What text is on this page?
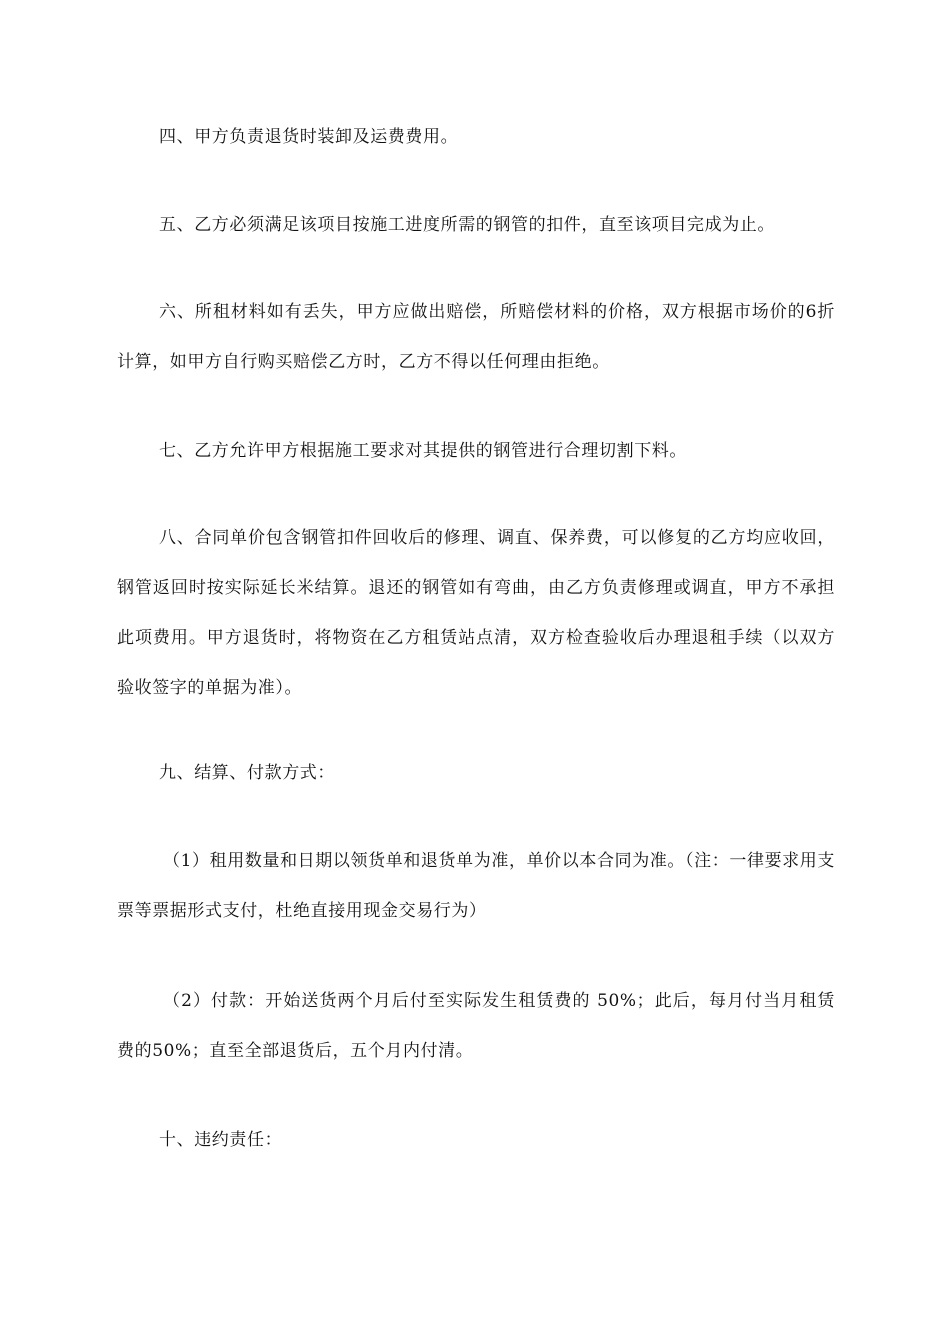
四、甲方负责退货时装卸及运费费用。

五、乙方必须满足该项目按施工进度所需的钢管的扣件，直至该项目完成为止。

六、所租材料如有丢失，甲方应做出赔偿，所赔偿材料的价格，双方根据市场价的6折计算，如甲方自行购买赔偿乙方时，乙方不得以任何理由拒绝。

七、乙方允许甲方根据施工要求对其提供的钢管进行合理切割下料。

八、合同单价包含钢管扣件回收后的修理、调直、保养费，可以修复的乙方均应收回，钢管返回时按实际延长米结算。退还的钢管如有弯曲，由乙方负责修理或调直，甲方不承担此项费用。甲方退货时，将物资在乙方租赁站点清，双方检查验收后办理退租手续（以双方验收签字的单据为准）。

九、结算、付款方式：

（1）租用数量和日期以领货单和退货单为准，单价以本合同为准。（注：一律要求用支票等票据形式支付，杜绝直接用现金交易行为）

（2）付款：开始送货两个月后付至实际发生租赁费的 50%；此后，每月付当月租赁费的50%；直至全部退货后，五个月内付清。

十、违约责任：
